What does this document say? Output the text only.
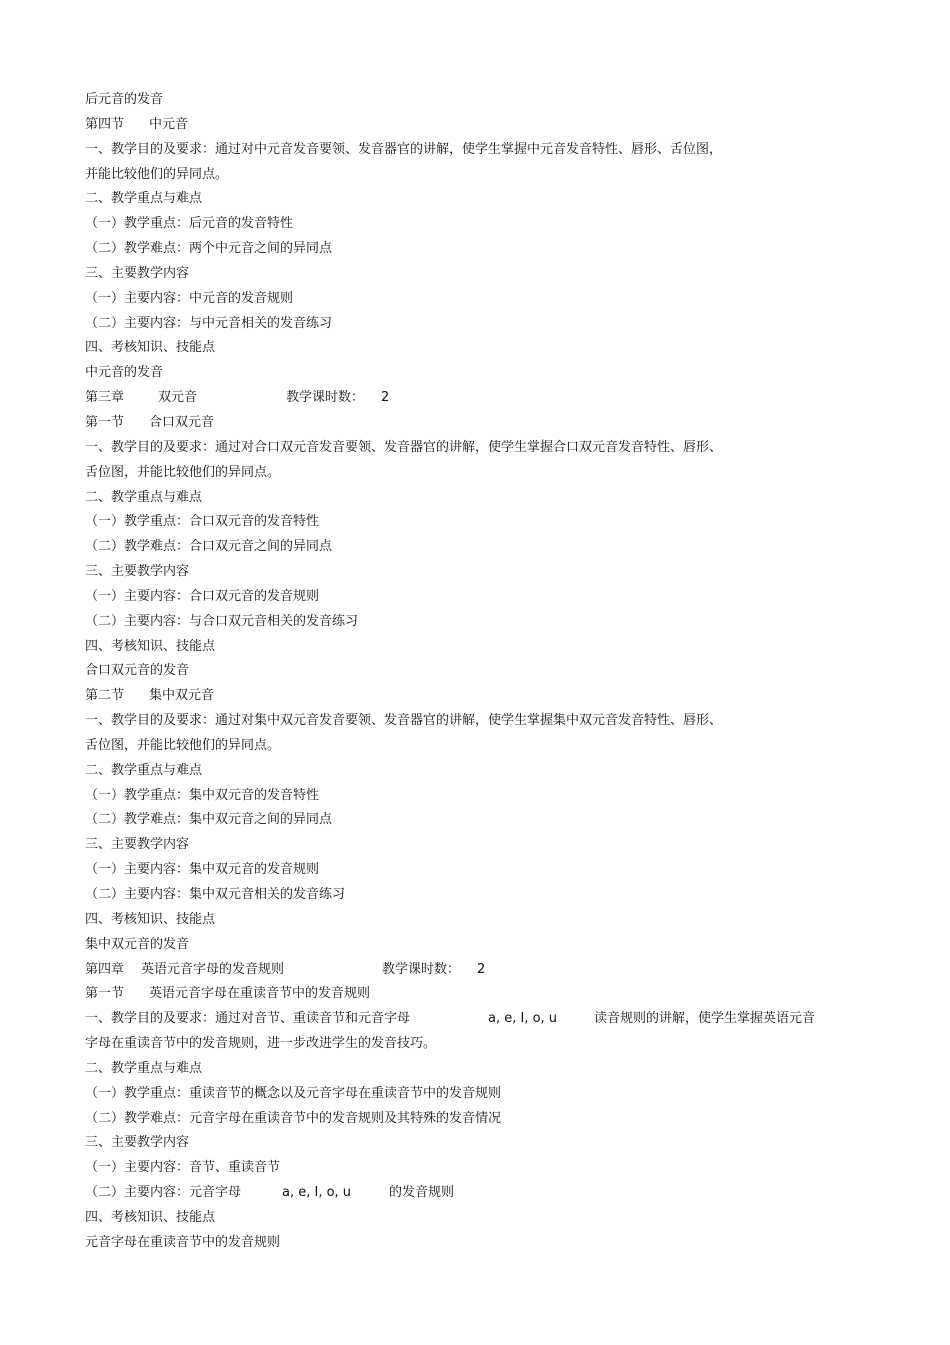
后元音的发音
第四节 中元音
一、教学目的及要求：通过对中元音发音要领、发音器官的讲解，使学生掌握中元音发音特性、唇形、舌位图，
并能比较他们的异同点。
二、教学重点与难点
（一）教学重点：后元音的发音特性
（二）教学难点：两个中元音之间的异同点
三、主要教学内容
（一）主要内容：中元音的发音规则
（二）主要内容：与中元音相关的发音练习
四、考核知识、技能点
中元音的发音
第三章	双元音	教学课时数： 2
第一节 合口双元音
一、教学目的及要求：通过对合口双元音发音要领、发音器官的讲解，使学生掌握合口双元音发音特性、唇形、
舌位图，并能比较他们的异同点。
二、教学重点与难点
（一）教学重点：合口双元音的发音特性
（二）教学难点：合口双元音之间的异同点
三、主要教学内容
（一）主要内容：合口双元音的发音规则
（二）主要内容：与合口双元音相关的发音练习
四、考核知识、技能点
合口双元音的发音
第二节 集中双元音
一、教学目的及要求：通过对集中双元音发音要领、发音器官的讲解，使学生掌握集中双元音发音特性、唇形、
舌位图，并能比较他们的异同点。
二、教学重点与难点
（一）教学重点：集中双元音的发音特性
（二）教学难点：集中双元音之间的异同点
三、主要教学内容
（一）主要内容：集中双元音的发音规则
（二）主要内容：集中双元音相关的发音练习
四、考核知识、技能点
集中双元音的发音
第四章 英语元音字母的发音规则	教学课时数： 2
第一节 英语元音字母在重读音节中的发音规则
一、教学目的及要求：通过对音节、重读音节和元音字母	a, e, I, o, u	读音规则的讲解，使学生掌握英语元音
字母在重读音节中的发音规则，进一步改进学生的发音技巧。
二、教学重点与难点
（一）教学重点：重读音节的概念以及元音字母在重读音节中的发音规则
（二）教学难点：元音字母在重读音节中的发音规则及其特殊的发音情况
三、主要教学内容
（一）主要内容：音节、重读音节
（二）主要内容：元音字母	a, e, I, o, u	的发音规则
四、考核知识、技能点
元音字母在重读音节中的发音规则
